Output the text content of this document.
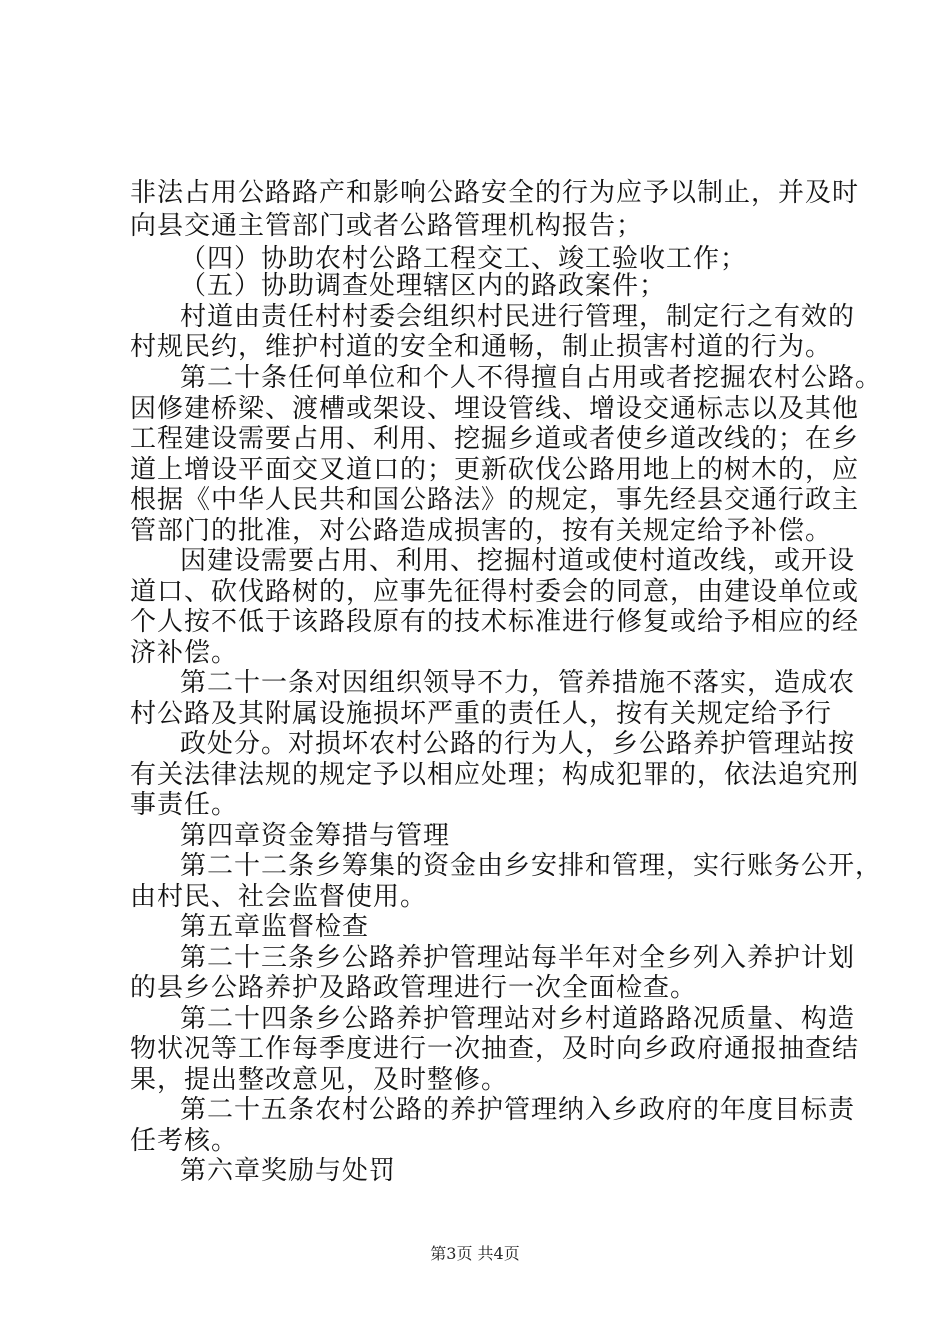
非法占用公路路产和影响公路安全的行为应予以制止，并及时
向县交通主管部门或者公路管理机构报告；
（四）协助农村公路工程交工、竣工验收工作；
（五）协助调查处理辖区内的路政案件；
村道由责任村村委会组织村民进行管理，制定行之有效的
村规民约，维护村道的安全和通畅，制止损害村道的行为。
第二十条任何单位和个人不得擅自占用或者挖掘农村公路。
因修建桥梁、渡槽或架设、埋设管线、增设交通标志以及其他
工程建设需要占用、利用、挖掘乡道或者使乡道改线的；在乡
道上增设平面交叉道口的；更新砍伐公路用地上的树木的，应
根据《中华人民共和国公路法》的规定，事先经县交通行政主
管部门的批准，对公路造成损害的，按有关规定给予补偿。
因建设需要占用、利用、挖掘村道或使村道改线，或开设
道口、砍伐路树的，应事先征得村委会的同意，由建设单位或
个人按不低于该路段原有的技术标准进行修复或给予相应的经
济补偿。
第二十一条对因组织领导不力，管养措施不落实，造成农
村公路及其附属设施损坏严重的责任人，按有关规定给予行
政处分。对损坏农村公路的行为人，乡公路养护管理站按
有关法律法规的规定予以相应处理；构成犯罪的，依法追究刑
事责任。
第四章资金筹措与管理
第二十二条乡筹集的资金由乡安排和管理，实行账务公开，
由村民、社会监督使用。
第五章监督检查
第二十三条乡公路养护管理站每半年对全乡列入养护计划
的县乡公路养护及路政管理进行一次全面检查。
第二十四条乡公路养护管理站对乡村道路路况质量、构造
物状况等工作每季度进行一次抽查，及时向乡政府通报抽查结
果，提出整改意见，及时整修。
第二十五条农村公路的养护管理纳入乡政府的年度目标责
任考核。
第六章奖励与处罚
第3页 共4页
